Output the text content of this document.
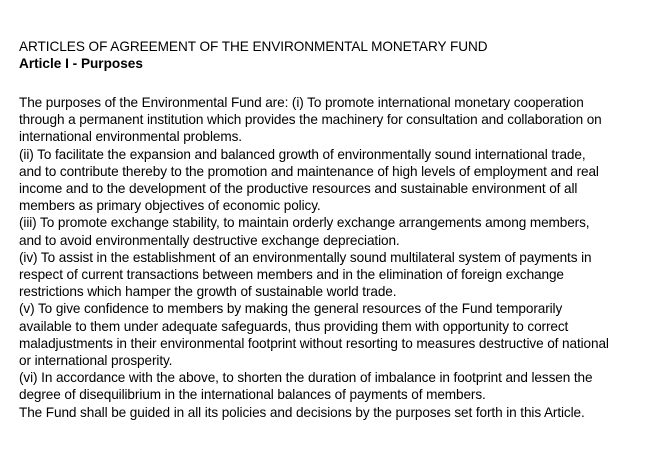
ARTICLES OF AGREEMENT OF THE ENVIRONMENTAL MONETARY FUND
Article I - Purposes
The purposes of the Environmental Fund are: (i) To promote international monetary cooperation
through a permanent institution which provides the machinery for consultation and collaboration on
international environmental problems.
(ii) To facilitate the expansion and balanced growth of environmentally sound international trade,
and to contribute thereby to the promotion and maintenance of high levels of employment and real
income and to the development of the productive resources and sustainable environment of all
members as primary objectives of economic policy.
(iii) To promote exchange stability, to maintain orderly exchange arrangements among members,
and to avoid environmentally destructive exchange depreciation.
(iv) To assist in the establishment of an environmentally sound multilateral system of payments in
respect of current transactions between members and in the elimination of foreign exchange
restrictions which hamper the growth of sustainable world trade.
(v) To give confidence to members by making the general resources of the Fund temporarily
available to them under adequate safeguards, thus providing them with opportunity to correct
maladjustments in their environmental footprint without resorting to measures destructive of national
or international prosperity.
(vi) In accordance with the above, to shorten the duration of imbalance in footprint and lessen the
degree of disequilibrium in the international balances of payments of members.
The Fund shall be guided in all its policies and decisions by the purposes set forth in this Article.
